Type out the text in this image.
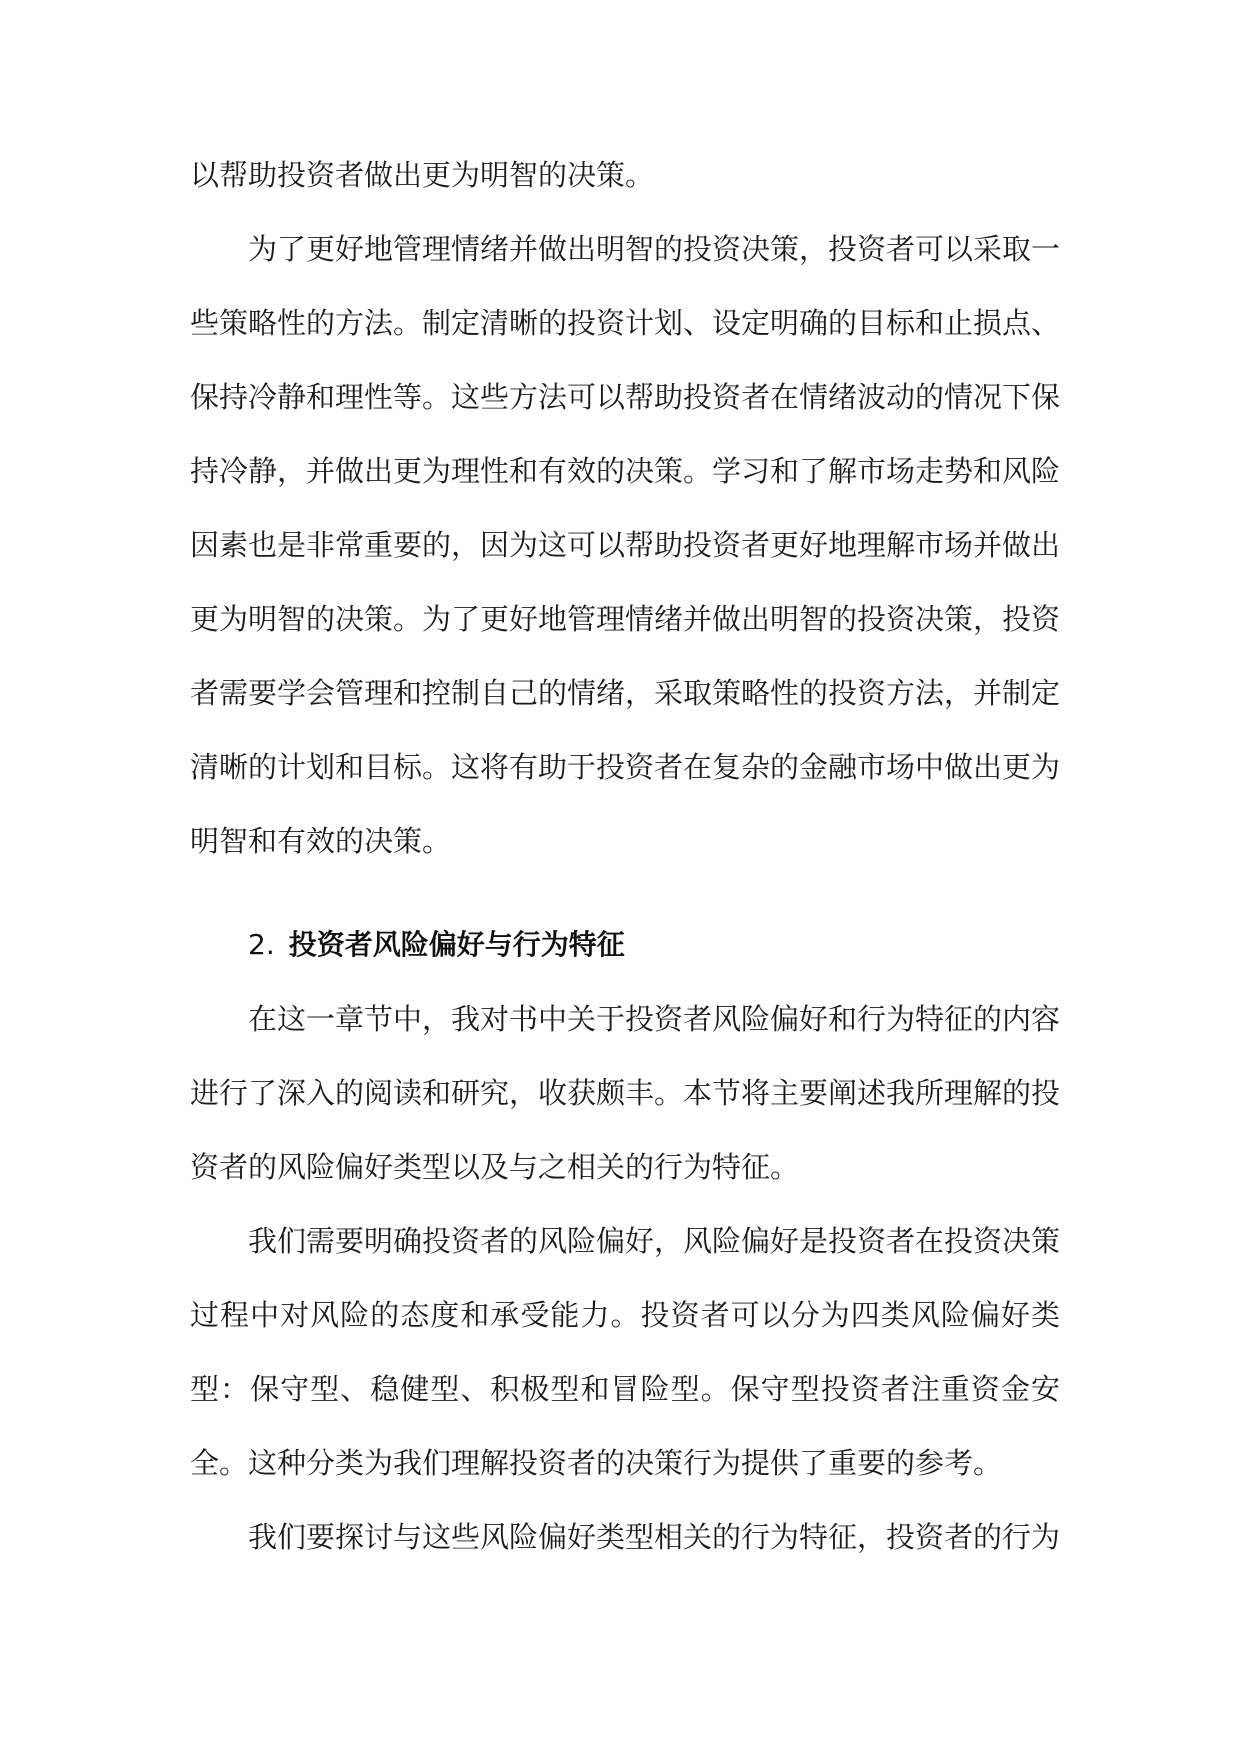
以帮助投资者做出更为明智的决策。

为了更好地管理情绪并做出明智的投资决策，投资者可以采取一些策略性的方法。制定清晰的投资计划、设定明确的目标和止损点、保持冷静和理性等。这些方法可以帮助投资者在情绪波动的情况下保持冷静，并做出更为理性和有效的决策。学习和了解市场走势和风险因素也是非常重要的，因为这可以帮助投资者更好地理解市场并做出更为明智的决策。为了更好地管理情绪并做出明智的投资决策，投资者需要学会管理和控制自己的情绪，采取策略性的投资方法，并制定清晰的计划和目标。这将有助于投资者在复杂的金融市场中做出更为明智和有效的决策。

2. 投资者风险偏好与行为特征

在这一章节中，我对书中关于投资者风险偏好和行为特征的内容进行了深入的阅读和研究，收获颇丰。本节将主要阐述我所理解的投资者的风险偏好类型以及与之相关的行为特征。

我们需要明确投资者的风险偏好，风险偏好是投资者在投资决策过程中对风险的态度和承受能力。投资者可以分为四类风险偏好类型：保守型、稳健型、积极型和冒险型。保守型投资者注重资金安全。这种分类为我们理解投资者的决策行为提供了重要的参考。

我们要探讨与这些风险偏好类型相关的行为特征，投资者的行为
